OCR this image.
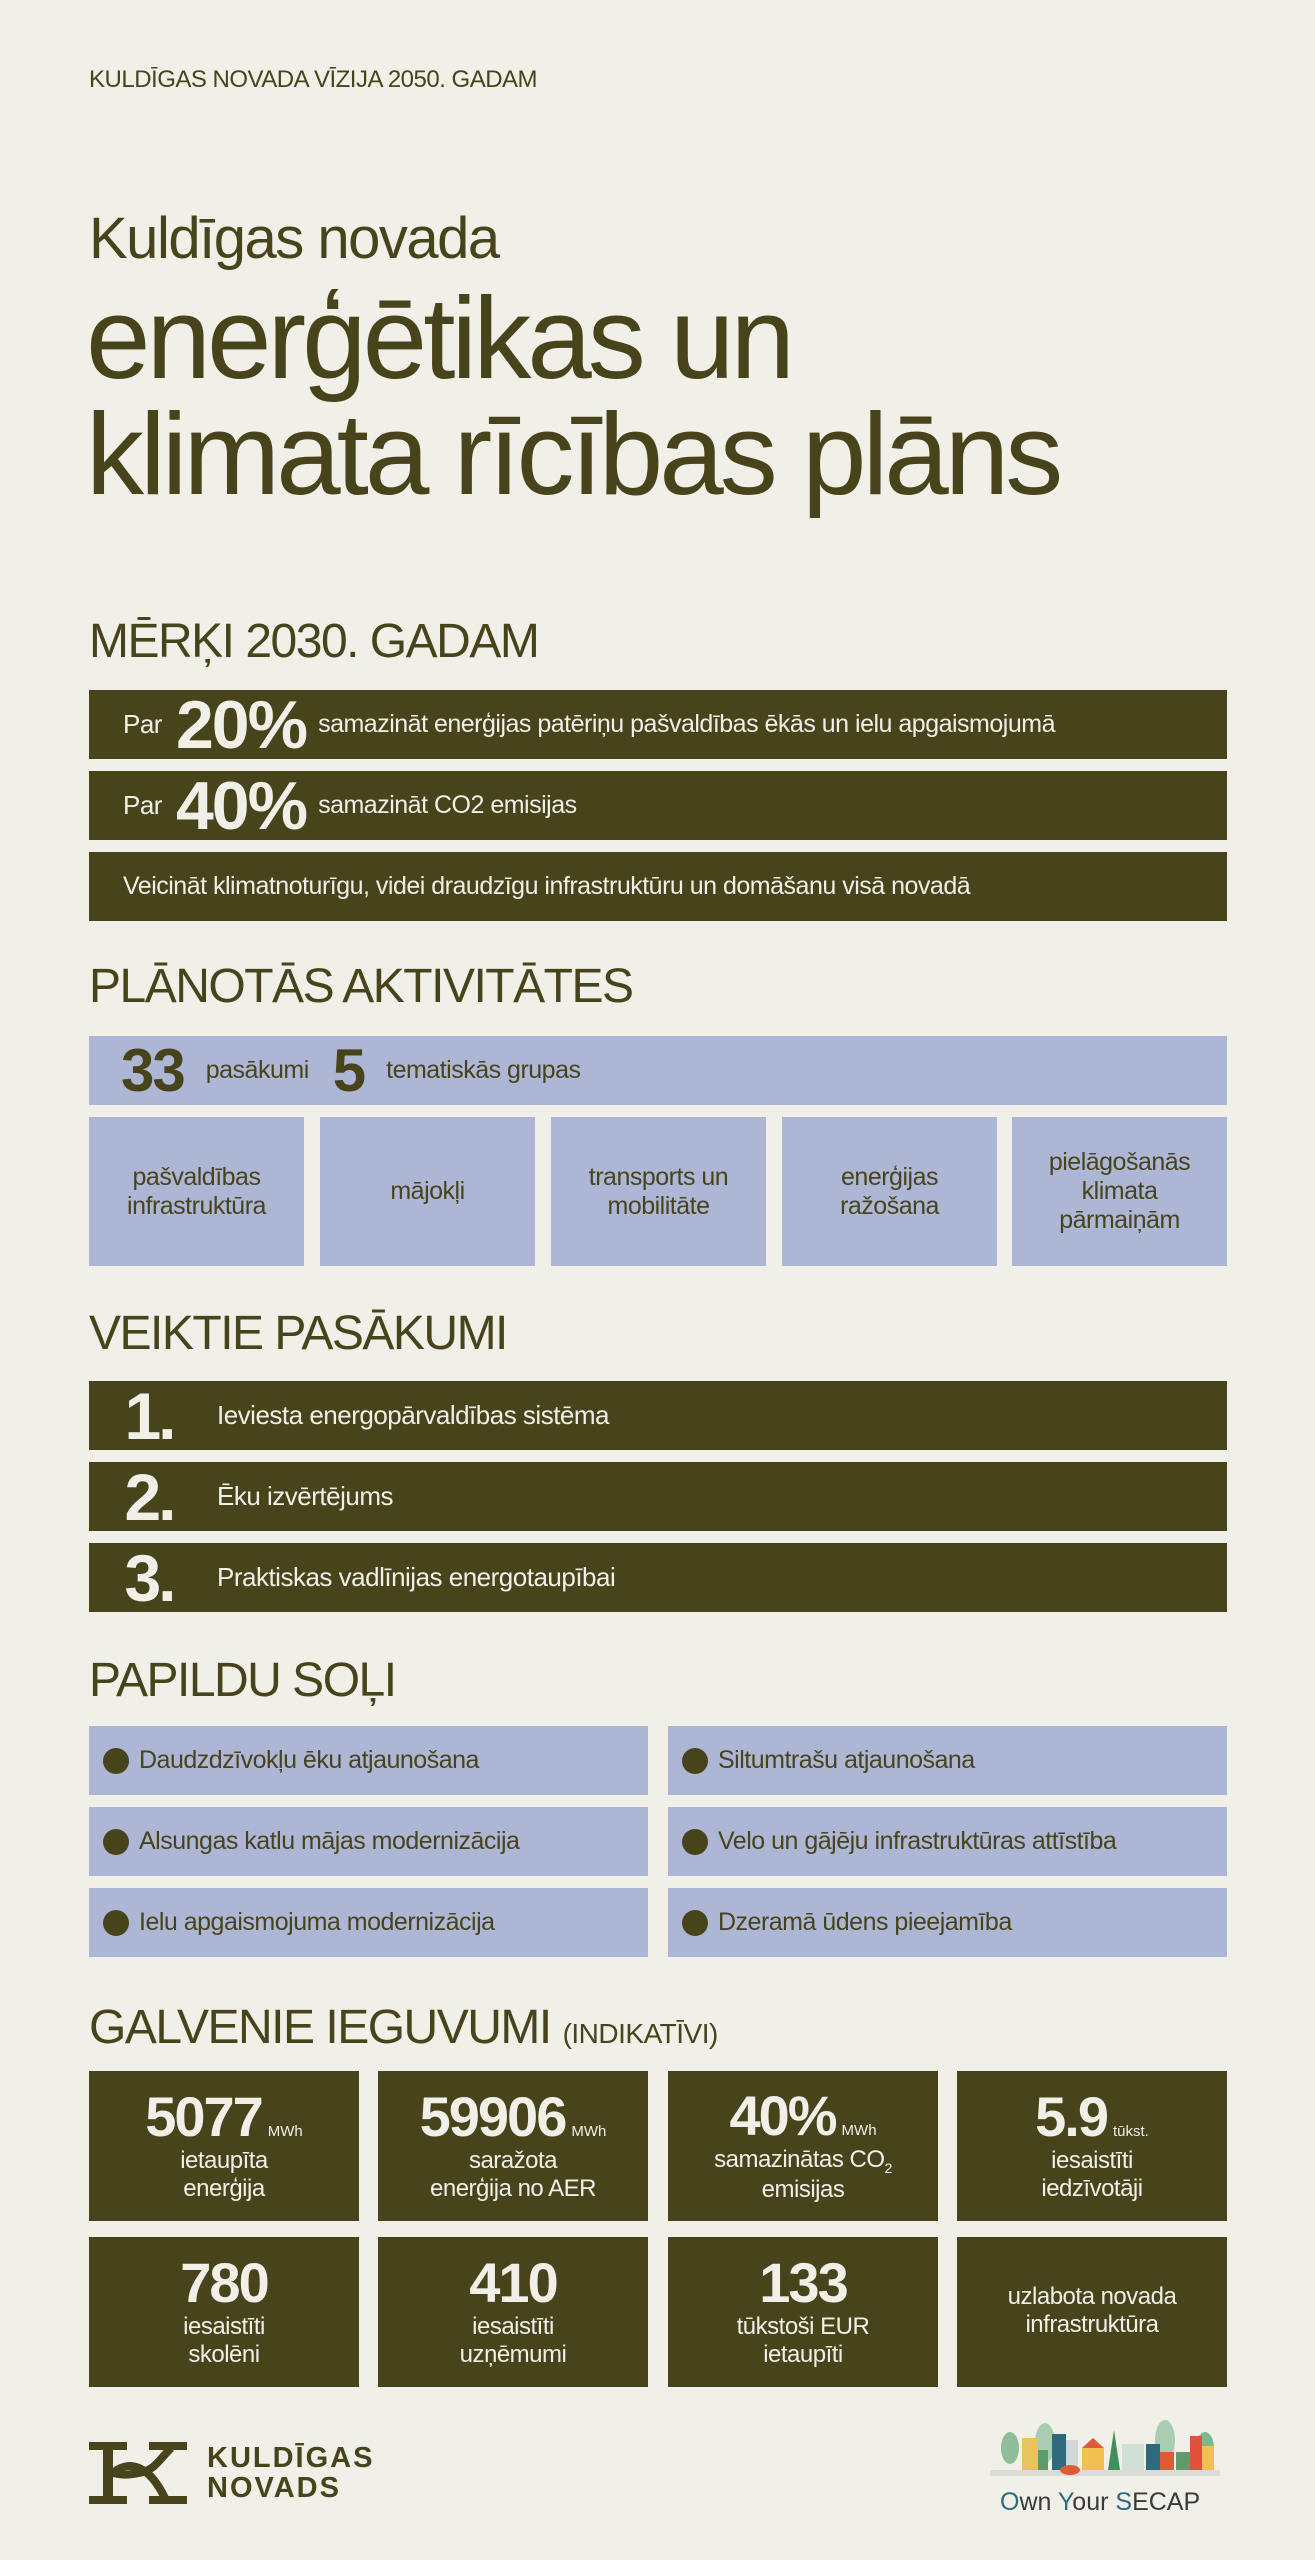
KULDĪGAS NOVADA VĪZIJA 2050. GADAM
Kuldīgas novada
enerģētikas un
klimata rīcības plāns
MĒRĶI 2030. GADAM
Par 20% samazināt enerģijas patēriņu pašvaldības ēkās un ielu apgaismojumā
Par 40% samazināt CO2 emisijas
Veicināt klimatnoturīgu, videi draudzīgu infrastruktūru un domāšanu visā novadā
PLĀNOTĀS AKTIVITĀTES
33 pasākumi 5 tematiskās grupas
pašvaldības infrastruktūra
mājokļi
transports un mobilitāte
enerģijas ražošana
pielāgošanās klimata pārmaiņām
VEIKTIE PASĀKUMI
1.	Ieviesta energopārvaldības sistēma
2.	Ēku izvērtējums
3.	Praktiskas vadlīnijas energotaupībai
PAPILDU SOĻI
Daudzdzīvokļu ēku atjaunošana	Siltumtrašu atjaunošana
Alsungas katlu mājas modernizācija	Velo un gājēju infrastruktūras attīstība
Ielu apgaismojuma modernizācija	Dzeramā ūdens pieejamība
GALVENIE IEGUVUMI (INDIKATĪVI)
5077 MWh
ietaupīta
enerģija
59906 MWh
saražota
enerģija no AER
40% MWh
samazinātas $CO_2$
emisijas
5.9 tūkst.
iesaistīti
iedzīvotāji
780
iesaistīti
skolēni
410
iesaistīti
uzņēmumi
133
tūkstoši EUR
ietaupīti
uzlabota novada
infrastruktūra
KULDĪGAS
NOVADS	Own Your SECAP
